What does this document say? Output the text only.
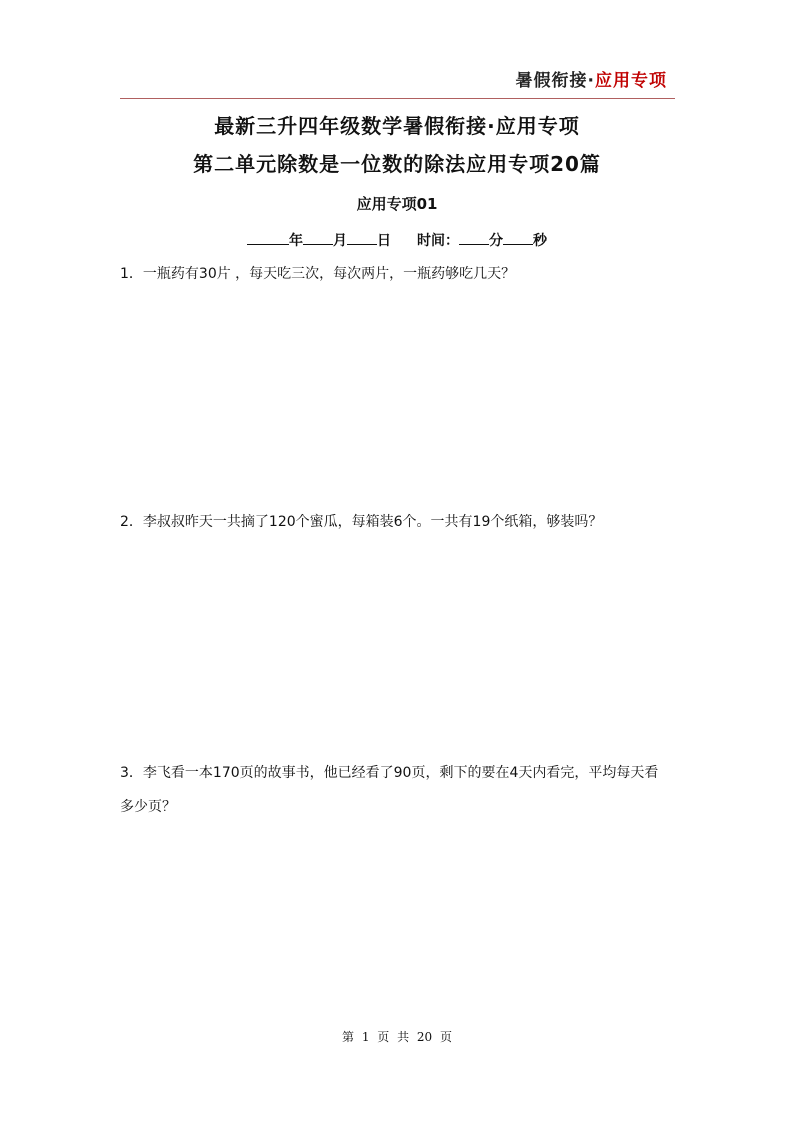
暑假衔接·应用专项
最新三升四年级数学暑假衔接·应用专项
第二单元除数是一位数的除法应用专项20篇
应用专项01
年 月 日 时间： 分 秒
1．一瓶药有30片 ，每天吃三次，每次两片，一瓶药够吃几天？
2．李叔叔昨天一共摘了120个蜜瓜，每箱装6个。一共有19个纸箱，够装吗？
3．李飞看一本170页的故事书，他已经看了90页，剩下的要在4天内看完，平均每天看多少页？
第 1 页 共 20 页
